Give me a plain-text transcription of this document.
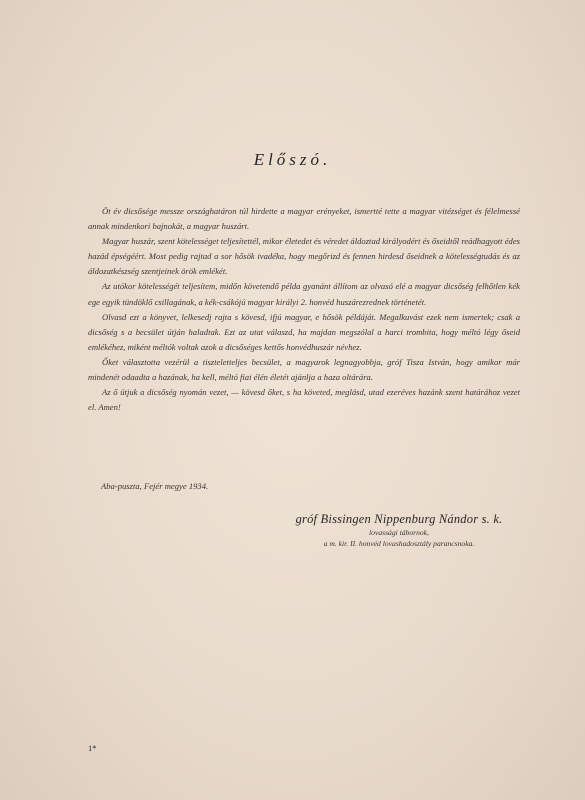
Előszó.

Öt év dicsősége messze országhatáron túl hirdette a magyar erényeket, ismertté tette a magyar vitézséget és félelmessé annak mindenkori bajnokát, a magyar huszárt.

Magyar huszár, szent kötelességet teljesítettél, mikor életedet és véredet áldoztad királyodért és őseidtől reádhagyott édes hazád épségéért. Most pedig rajtad a sor hősök ivadéka, hogy megőrizd és fennen hirdesd őseidnek a kötelességtudás és az áldozatkészség szentjeinek örök emlékét.

Az utókor kötelességét teljesítem, midőn követendő példa gyanánt állítom az olvasó elé a magyar dicsőség felhőtlen kék ege egyik tündöklő csillagának, a kék-csákójú magyar királyi 2. honvéd huszárezrednek történetét.

Olvasd ezt a könyvet, lelkesedj rajta s kövesd, ifjú magyar, e hősök példáját. Megalkuvást ezek nem ismertek; csak a dicsőség s a becsület útján haladtak. Ezt az utat válaszd, ha majdan megszólal a harci trombita, hogy méltó légy őseid emlékéhez, miként méltók voltak azok a dicsőséges kettős honvédhuszár névhez.

Őket választotta vezérül a tiszteletteljes becsület, a magyarok legnagyobbja, gróf Tisza István, hogy amikor már mindenét odaadta a hazának, ha kell, méltó fiai élén életét ajánlja a haza oltárára.

Az ő útjuk a dicsőség nyomán vezet, — kövesd őket, s ha követed, meglásd, utad ezeréves hazánk szent határához vezet el. Amen!

Aba-puszta, Fejér megye 1934.
gróf Bissingen Nippenburg Nándor s. k.
lovassági tábornok,
a m. kir. II. honvéd lovashadosztály parancsnoka.
1*
